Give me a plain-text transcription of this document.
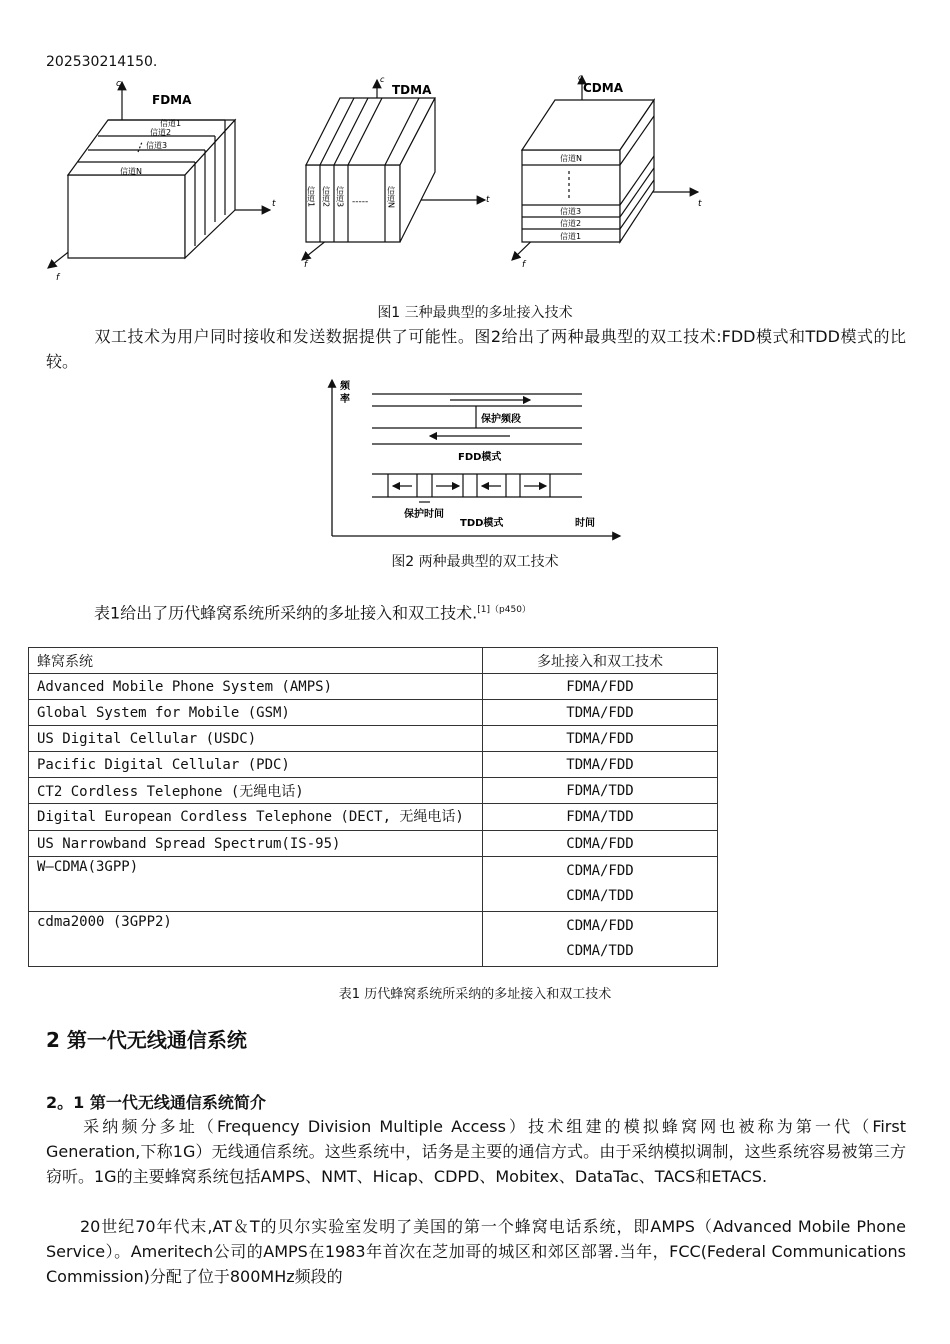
202530214150.
FDMA
c
t
f
信道1
信道2
信道3
信道N
TDMA
c
t
f
信道1 信道2 信道3	信道N
-----
CDMA
c
t
f
信道N
信道3
信道2
信道1
图1 三种最典型的多址接入技术
双工技术为用户同时接收和发送数据提供了可能性。图2给出了两种最典型的双工技术:FDD模式和TDD模式的比较。
频
率
保护频段
FDD模式
保护时间
TDD模式	时间
图2 两种最典型的双工技术
表1给出了历代蜂窝系统所采纳的多址接入和双工技术.$^{[1](p450)}$
蜂窝系统	多址接入和双工技术
Advanced Mobile Phone System (AMPS)	FDMA/FDD
Global System for Mobile (GSM)	TDMA/FDD
US Digital Cellular (USDC)	TDMA/FDD
Pacific Digital Cellular (PDC)	TDMA/FDD
CT2 Cordless Telephone (无绳电话)	FDMA/TDD
Digital European Cordless Telephone (DECT, 无绳电话)	FDMA/TDD
US Narrowband Spread Spectrum(IS-95)	CDMA/FDD
W—CDMA(3GPP)	CDMA/FDD
CDMA/TDD

cdma2000 (3GPP2)	CDMA/FDD
CDMA/TDD
表1 历代蜂窝系统所采纳的多址接入和双工技术
2 第一代无线通信系统
2。1 第一代无线通信系统简介
采纳频分多址（Frequency Division Multiple Access）技术组建的模拟蜂窝网也被称为第一代（First Generation,下称1G）无线通信系统。这些系统中，话务是主要的通信方式。由于采纳模拟调制，这些系统容易被第三方窃听。1G的主要蜂窝系统包括AMPS、NMT、Hicap、CDPD、Mobitex、DataTac、TACS和ETACS.
20世纪70年代末,AT＆T的贝尔实验室发明了美国的第一个蜂窝电话系统，即AMPS（Advanced Mobile Phone Service）。Ameritech公司的AMPS在1983年首次在芝加哥的城区和郊区部署.当年，FCC(Federal Communications Commission)分配了位于800MHz频段的
